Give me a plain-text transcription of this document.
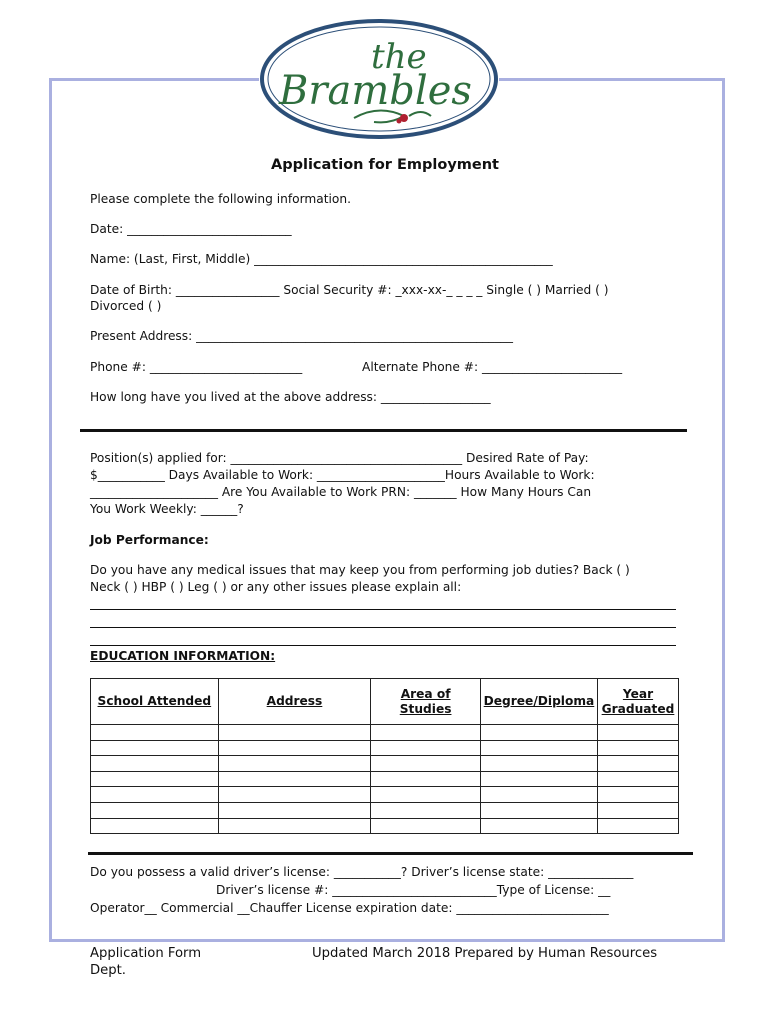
the
Brambles
Application for Employment
Please complete the following information.
Date: ___________________________
Name: (Last, First, Middle) _________________________________________________
Date of Birth: _________________ Social Security #: _xxx-xx-_ _ _ _ Single ( ) Married ( )
Divorced ( )
Present Address: ____________________________________________________
Phone #: _________________________	Alternate Phone #: _______________________
How long have you lived at the above address: __________________
Position(s) applied for: ______________________________________ Desired Rate of Pay:
$___________ Days Available to Work: _____________________Hours Available to Work:
_____________________ Are You Available to Work PRN: _______ How Many Hours Can
You Work Weekly: ______?
Job Performance:
Do you have any medical issues that may keep you from performing job duties? Back ( )
Neck ( ) HBP ( ) Leg ( ) or any other issues please explain all:
EDUCATION INFORMATION:
School Attended	Address	Area of Studies	Degree/Diploma	Year Graduated

Do you possess a valid driver’s license: ___________? Driver’s license state: ______________
Driver’s license #: ___________________________Type of License: __
Operator__ Commercial __Chauffer License expiration date: _________________________
Application Form	Updated March 2018 Prepared by Human Resources
Dept.
